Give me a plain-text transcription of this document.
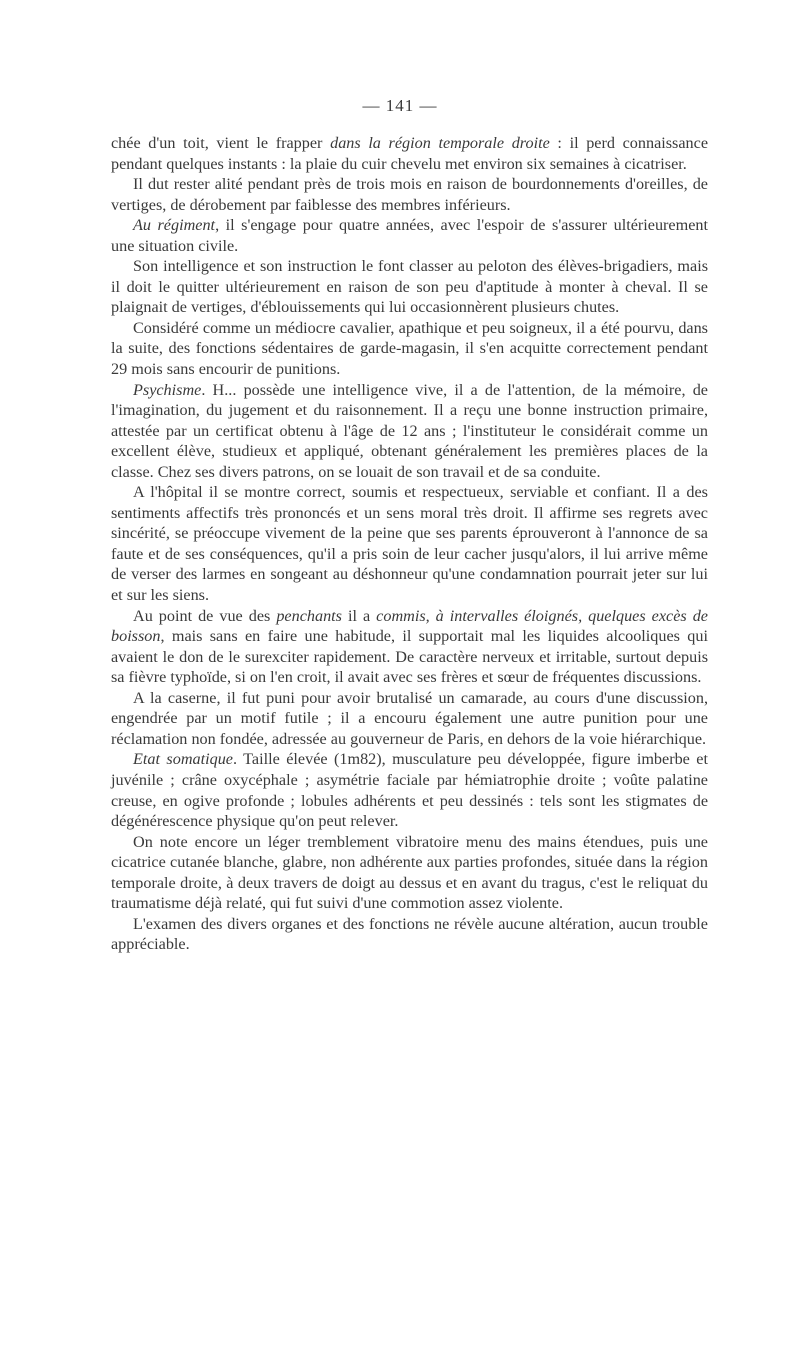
— 141 —

chée d'un toit, vient le frapper dans la région temporale droite : il perd connaissance pendant quelques instants : la plaie du cuir chevelu met environ six semaines à cicatriser.

Il dut rester alité pendant près de trois mois en raison de bourdonnements d'oreilles, de vertiges, de dérobement par faiblesse des membres inférieurs.

Au régiment, il s'engage pour quatre années, avec l'espoir de s'assurer ultérieurement une situation civile.

Son intelligence et son instruction le font classer au peloton des élèves-brigadiers, mais il doit le quitter ultérieurement en raison de son peu d'aptitude à monter à cheval. Il se plaignait de vertiges, d'éblouissements qui lui occasionnèrent plusieurs chutes.

Considéré comme un médiocre cavalier, apathique et peu soigneux, il a été pourvu, dans la suite, des fonctions sédentaires de garde-magasin, il s'en acquitte correctement pendant 29 mois sans encourir de punitions.

Psychisme. H... possède une intelligence vive, il a de l'attention, de la mémoire, de l'imagination, du jugement et du raisonnement. Il a reçu une bonne instruction primaire, attestée par un certificat obtenu à l'âge de 12 ans ; l'instituteur le considérait comme un excellent élève, studieux et appliqué, obtenant généralement les premières places de la classe. Chez ses divers patrons, on se louait de son travail et de sa conduite.

A l'hôpital il se montre correct, soumis et respectueux, serviable et confiant. Il a des sentiments affectifs très prononcés et un sens moral très droit. Il affirme ses regrets avec sincérité, se préoccupe vivement de la peine que ses parents éprouveront à l'annonce de sa faute et de ses conséquences, qu'il a pris soin de leur cacher jusqu'alors, il lui arrive même de verser des larmes en songeant au déshonneur qu'une condamnation pourrait jeter sur lui et sur les siens.

Au point de vue des penchants il a commis, à intervalles éloignés, quelques excès de boisson, mais sans en faire une habitude, il supportait mal les liquides alcooliques qui avaient le don de le surexciter rapidement. De caractère nerveux et irritable, surtout depuis sa fièvre typhoïde, si on l'en croit, il avait avec ses frères et sœur de fréquentes discussions.

A la caserne, il fut puni pour avoir brutalisé un camarade, au cours d'une discussion, engendrée par un motif futile ; il a encouru également une autre punition pour une réclamation non fondée, adressée au gouverneur de Paris, en dehors de la voie hiérarchique.

Etat somatique. Taille élevée (1m82), musculature peu développée, figure imberbe et juvénile ; crâne oxycéphale ; asymétrie faciale par hémiatrophie droite ; voûte palatine creuse, en ogive profonde ; lobules adhérents et peu dessinés : tels sont les stigmates de dégénérescence physique qu'on peut relever.

On note encore un léger tremblement vibratoire menu des mains étendues, puis une cicatrice cutanée blanche, glabre, non adhérente aux parties profondes, située dans la région temporale droite, à deux travers de doigt au dessus et en avant du tragus, c'est le reliquat du traumatisme déjà relaté, qui fut suivi d'une commotion assez violente.

L'examen des divers organes et des fonctions ne révèle aucune altération, aucun trouble appréciable.
